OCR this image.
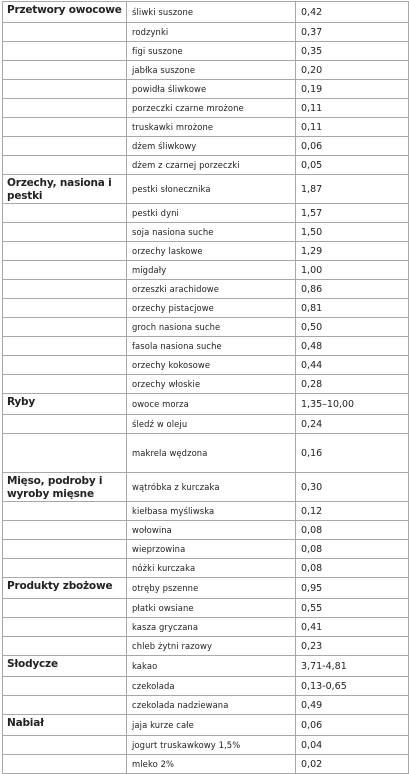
Przetwory owocowe	śliwki suszone	0,42
	rodzynki	0,37
	figi suszone	0,35
	jabłka suszone	0,20
	powidła śliwkowe	0,19
	porzeczki czarne mrożone	0,11
	truskawki mrożone	0,11
	dżem śliwkowy	0,06
	dżem z czarnej porzeczki	0,05
Orzechy, nasiona i pestki	pestki słonecznika	1,87
	pestki dyni	1,57
	soja nasiona suche	1,50
	orzechy laskowe	1,29
	migdały	1,00
	orzeszki arachidowe	0,86
	orzechy pistacjowe	0,81
	groch nasiona suche	0,50
	fasola nasiona suche	0,48
	orzechy kokosowe	0,44
	orzechy włoskie	0,28
Ryby	owoce morza	1,35–10,00
	śledź w oleju	0,24
	makrela wędzona	0,16
Mięso, podroby i wyroby mięsne	wątróbka z kurczaka	0,30
	kiełbasa myśliwska	0,12
	wołowina	0,08
	wieprzowina	0,08
	nóżki kurczaka	0,08
Produkty zbożowe	otręby pszenne	0,95
	płatki owsiane	0,55
	kasza gryczana	0,41
	chleb żytni razowy	0,23
Słodycze	kakao	3,71-4,81
	czekolada	0,13-0,65
	czekolada nadziewana	0,49
Nabiał	jaja kurze całe	0,06
	jogurt truskawkowy 1,5%	0,04
	mleko 2%	0,02
